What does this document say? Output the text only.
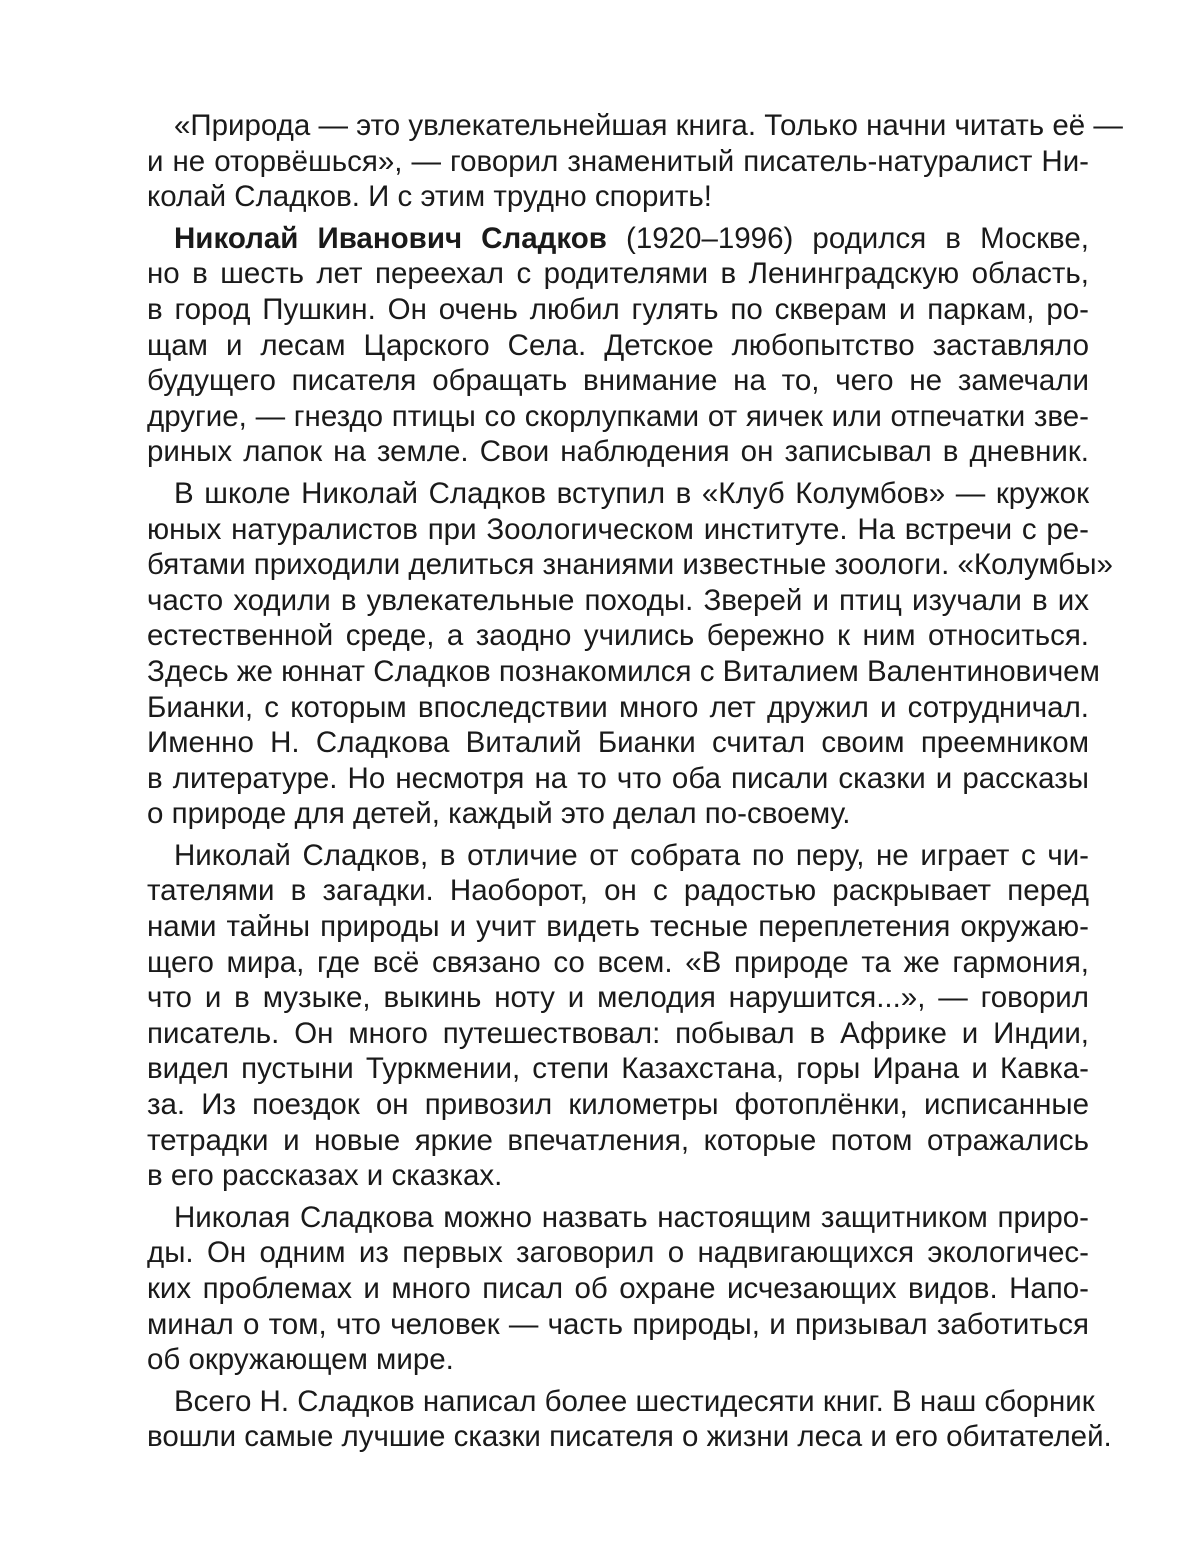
«Природа — это увлекательнейшая книга. Только начни читать её —
и не оторвёшься», — говорил знаменитый писатель-натуралист Ни-
колай Сладков. И с этим трудно спорить!
Николай Иванович Сладков (1920–1996) родился в Москве,
но в шесть лет переехал с родителями в Ленинградскую область,
в город Пушкин. Он очень любил гулять по скверам и паркам, ро-
щам и лесам Царского Села. Детское любопытство заставляло
будущего писателя обращать внимание на то, чего не замечали
другие, — гнездо птицы со скорлупками от яичек или отпечатки зве-
риных лапок на земле. Свои наблюдения он записывал в дневник.
В школе Николай Сладков вступил в «Клуб Колумбов» — кружок
юных натуралистов при Зоологическом институте. На встречи с ре-
бятами приходили делиться знаниями известные зоологи. «Колумбы»
часто ходили в увлекательные походы. Зверей и птиц изучали в их
естественной среде, а заодно учились бережно к ним относиться.
Здесь же юннат Сладков познакомился с Виталием Валентиновичем
Бианки, с которым впоследствии много лет дружил и сотрудничал.
Именно Н. Сладкова Виталий Бианки считал своим преемником
в литературе. Но несмотря на то что оба писали сказки и рассказы
о природе для детей, каждый это делал по-своему.
Николай Сладков, в отличие от собрата по перу, не играет с чи-
тателями в загадки. Наоборот, он с радостью раскрывает перед
нами тайны природы и учит видеть тесные переплетения окружаю-
щего мира, где всё связано со всем. «В природе та же гармония,
что и в музыке, выкинь ноту и мелодия нарушится...», — говорил
писатель. Он много путешествовал: побывал в Африке и Индии,
видел пустыни Туркмении, степи Казахстана, горы Ирана и Кавка-
за. Из поездок он привозил километры фотоплёнки, исписанные
тетрадки и новые яркие впечатления, которые потом отражались
в его рассказах и сказках.
Николая Сладкова можно назвать настоящим защитником приро-
ды. Он одним из первых заговорил о надвигающихся экологичес-
ких проблемах и много писал об охране исчезающих видов. Напо-
минал о том, что человек — часть природы, и призывал заботиться
об окружающем мире.
Всего Н. Сладков написал более шестидесяти книг. В наш сборник
вошли самые лучшие сказки писателя о жизни леса и его обитателей.
